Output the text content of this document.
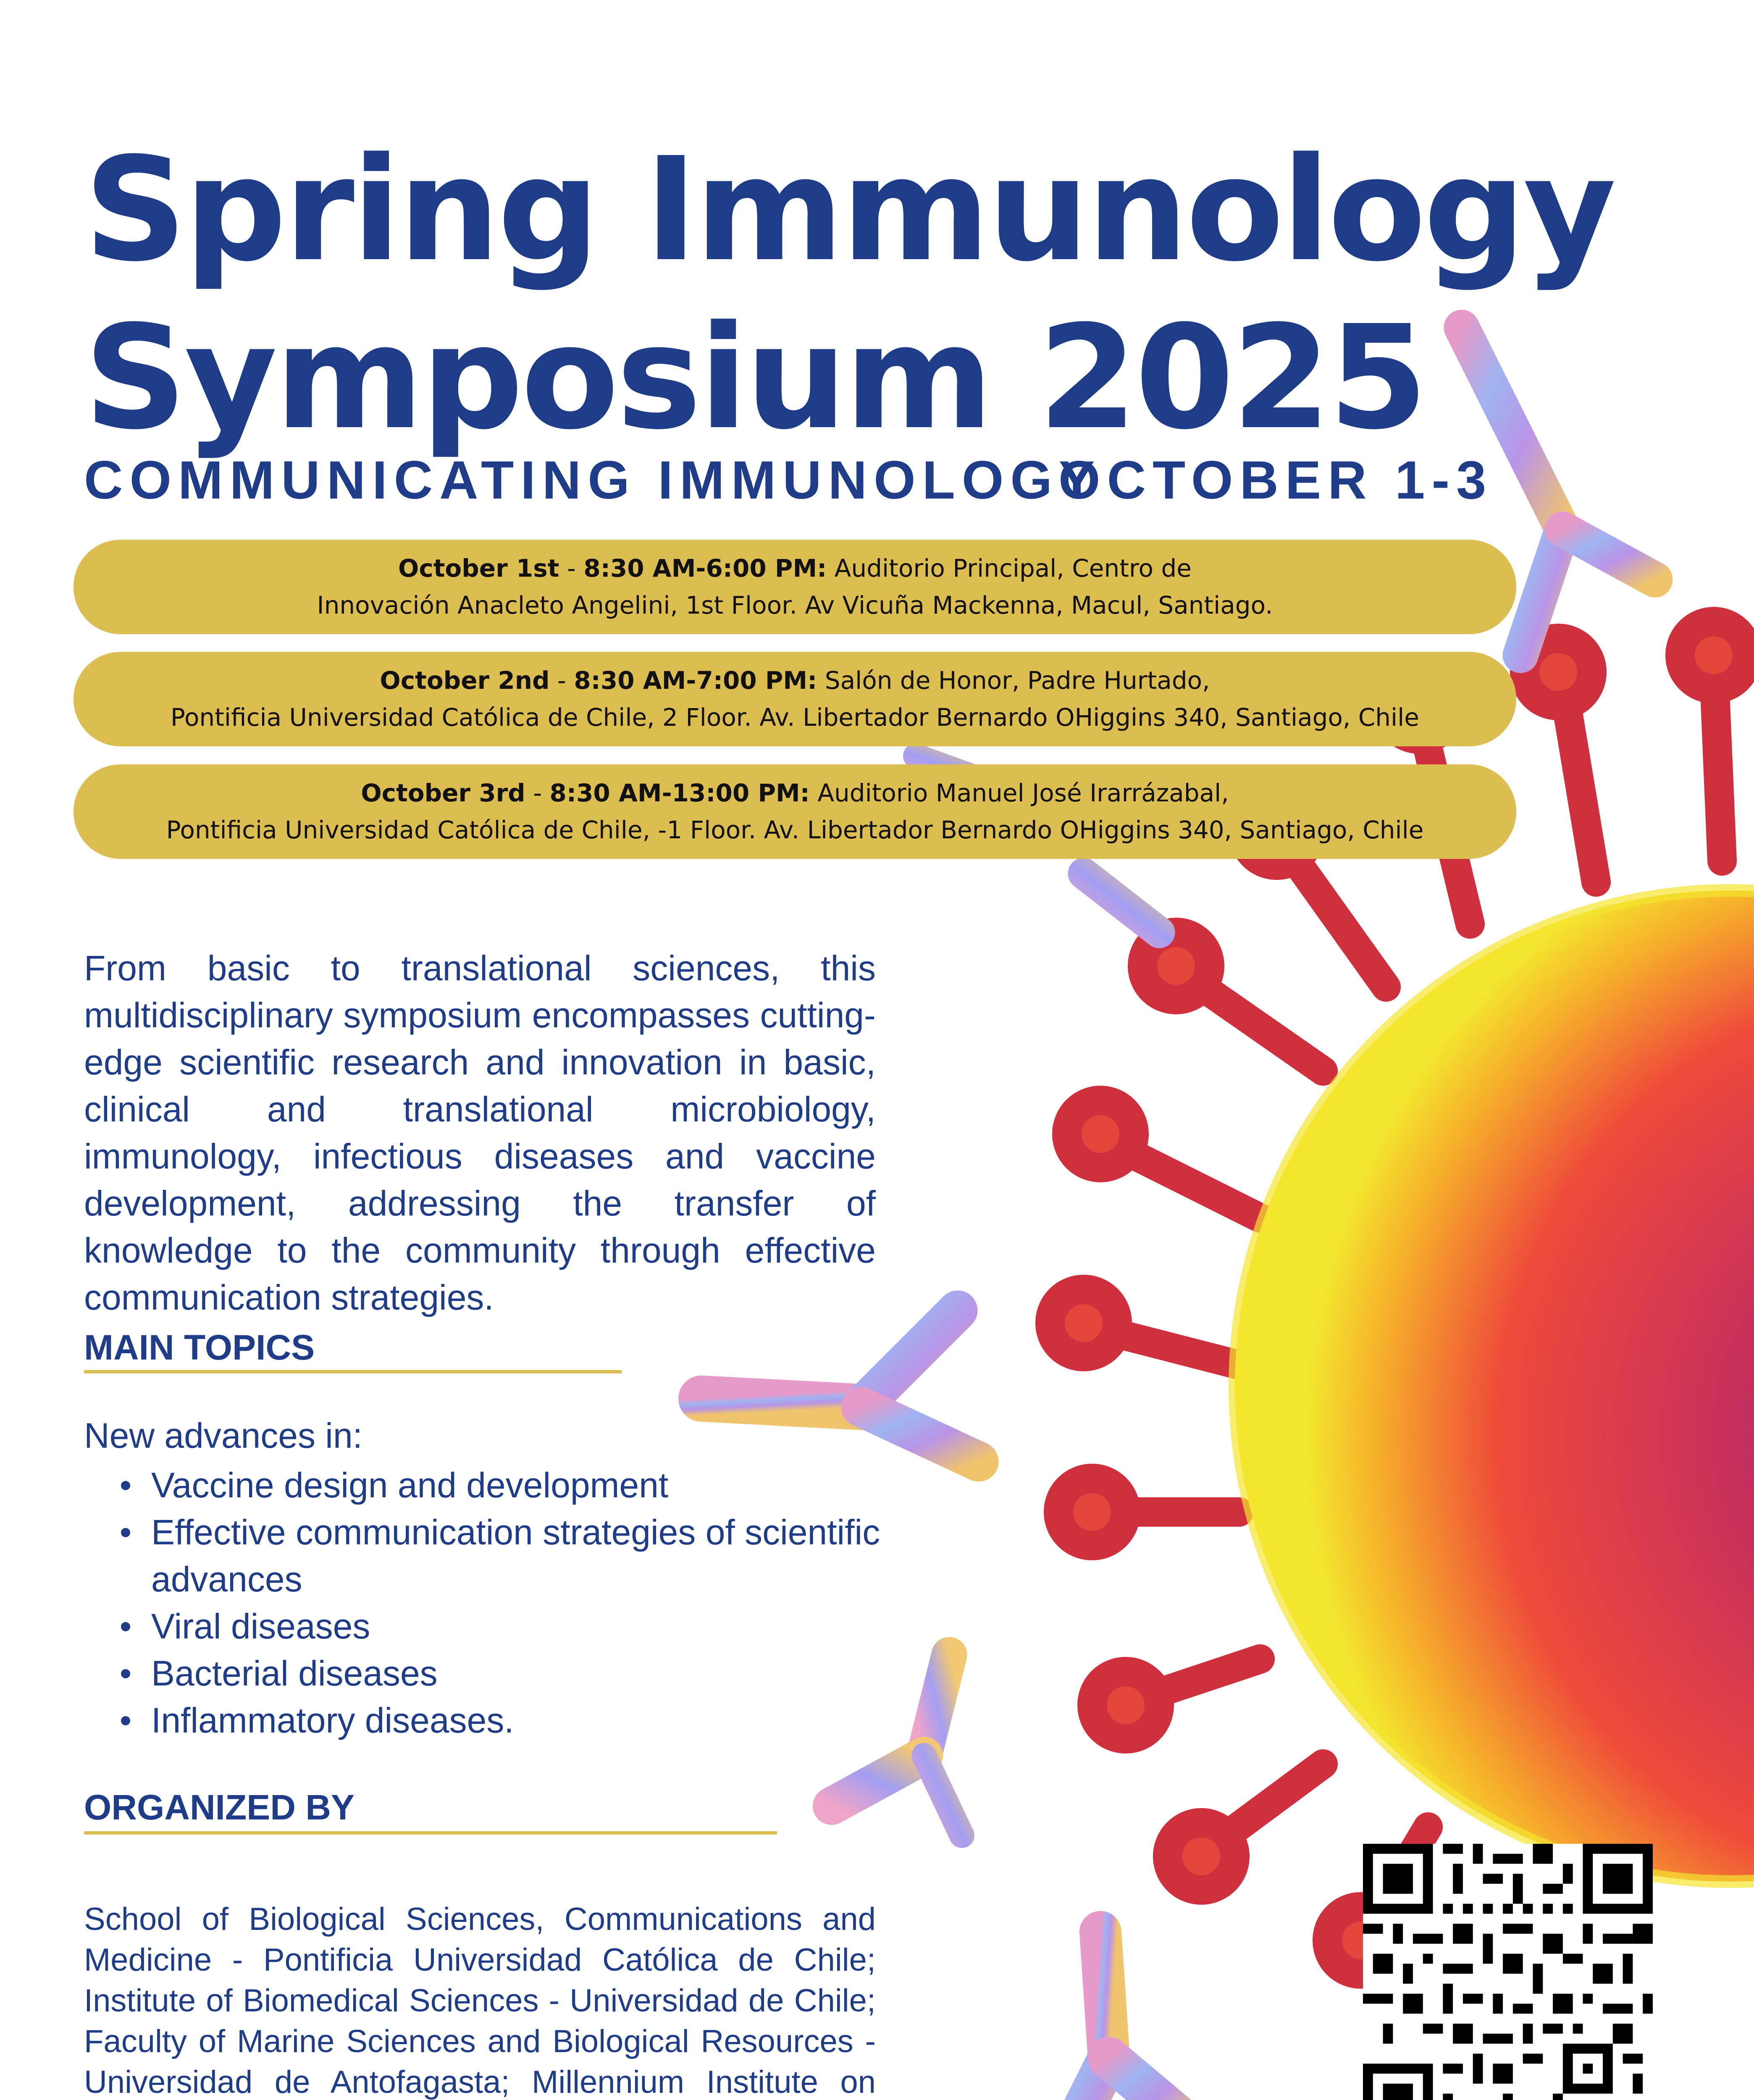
Spring Immunology
Symposium 2025
COMMUNICATING IMMUNOLOGY
OCTOBER 1-3
October 1st - 8:30 AM-6:00 PM: Auditorio Principal, Centro de
Innovación Anacleto Angelini, 1st Floor. Av Vicuña Mackenna, Macul, Santiago.
October 2nd - 8:30 AM-7:00 PM: Salón de Honor, Padre Hurtado,
Pontificia Universidad Católica de Chile, 2 Floor. Av. Libertador Bernardo OHiggins 340, Santiago, Chile
October 3rd - 8:30 AM-13:00 PM: Auditorio Manuel José Irarrázabal,
Pontificia Universidad Católica de Chile, -1 Floor. Av. Libertador Bernardo OHiggins 340, Santiago, Chile

From basic to translational sciences, this multidisciplinary symposium encompasses cutting-edge scientific research and innovation in basic, clinical and translational microbiology, immunology, infectious diseases and vaccine development, addressing the transfer of knowledge to the community through effective communication strategies.

MAIN TOPICS
New advances in:
Vaccine design and development
Effective communication strategies of scientific advances
Viral diseases
Bacterial diseases
Inflammatory diseases.
ORGANIZED BY

School of Biological Sciences, Communications and Medicine - Pontificia Universidad Católica de Chile; Institute of Biomedical Sciences - Universidad de Chile; Faculty of Marine Sciences and Biological Resources - Universidad de Antofagasta; Millennium Institute on
